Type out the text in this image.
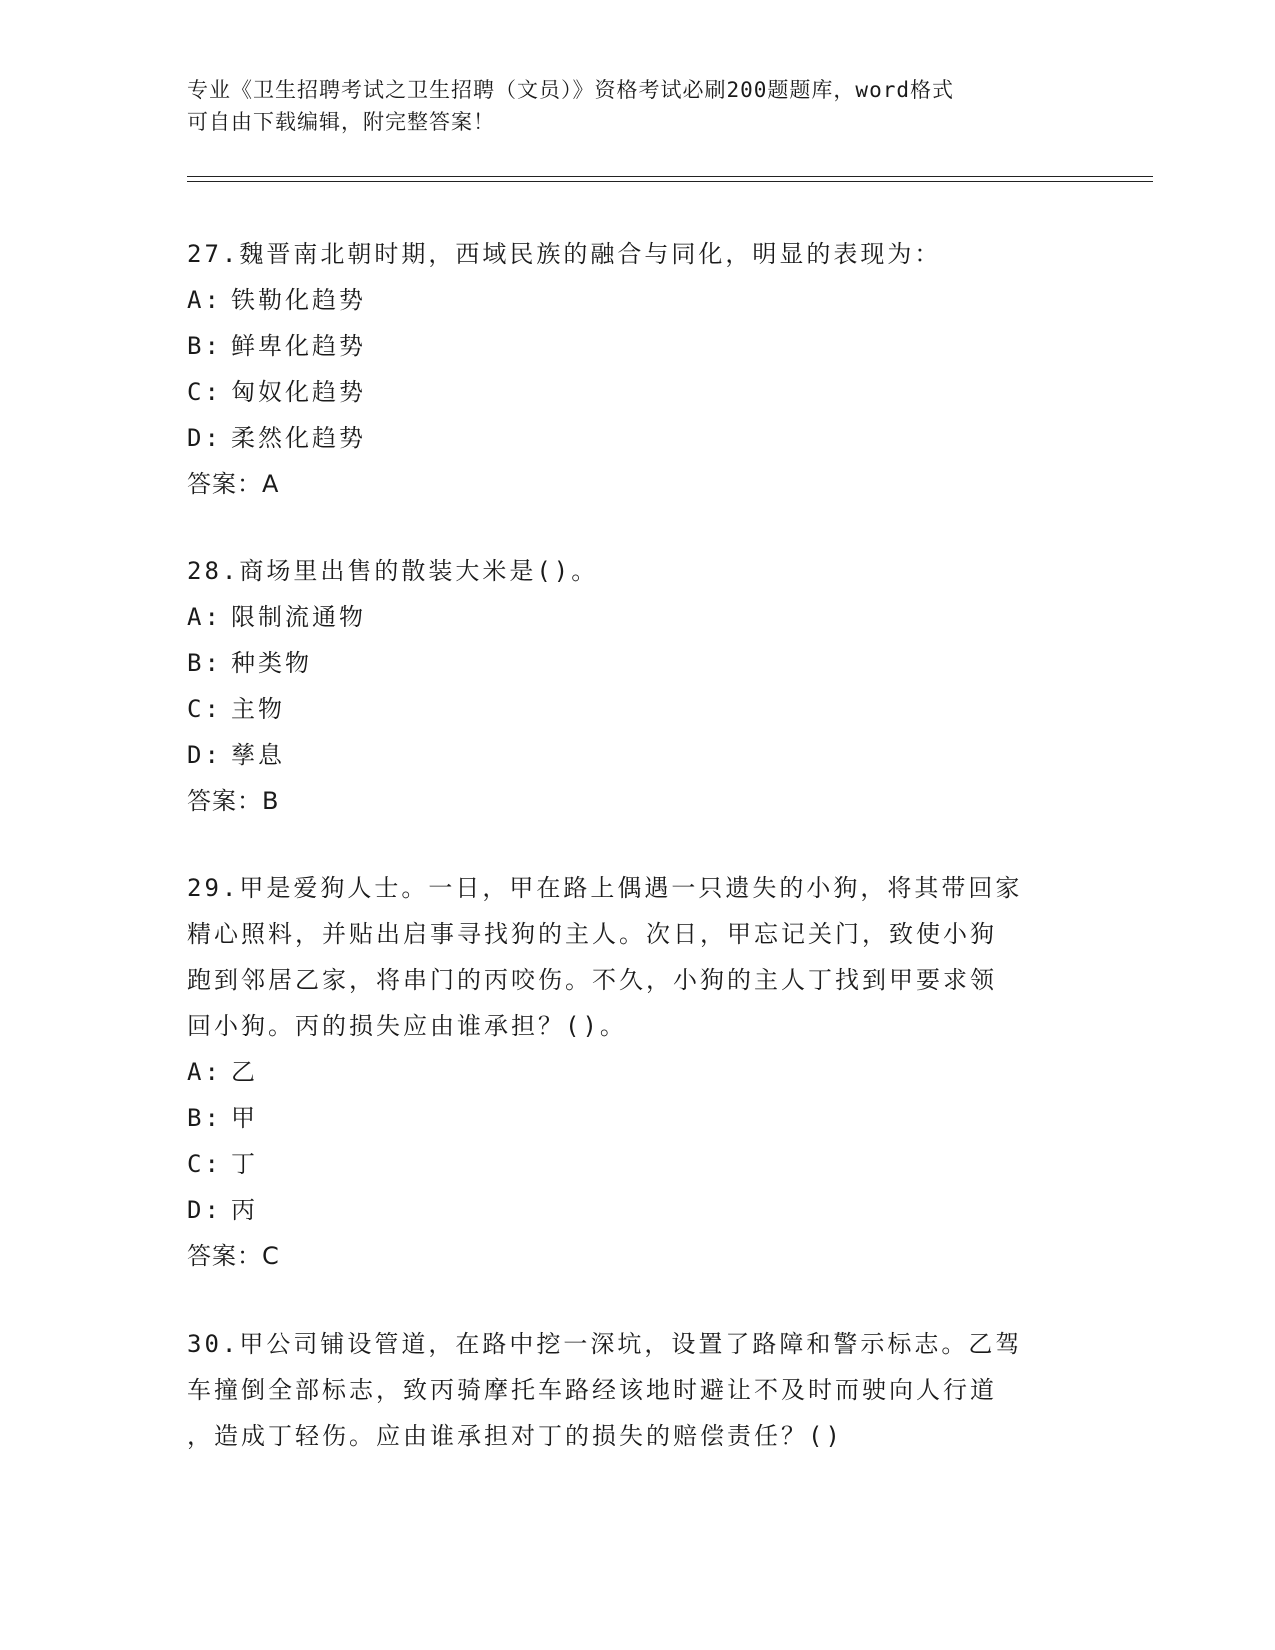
专业《卫生招聘考试之卫生招聘（文员）》资格考试必刷200题题库，word格式
可自由下载编辑，附完整答案！

27.魏晋南北朝时期，西域民族的融合与同化，明显的表现为：

A: 铁勒化趋势
B: 鲜卑化趋势
C: 匈奴化趋势
D: 柔然化趋势

答案：A

28.商场里出售的散装大米是()。

A: 限制流通物
B: 种类物
C: 主物
D: 孳息

答案：B

29.甲是爱狗人士。一日，甲在路上偶遇一只遗失的小狗，将其带回家
精心照料，并贴出启事寻找狗的主人。次日，甲忘记关门，致使小狗
跑到邻居乙家，将串门的丙咬伤。不久，小狗的主人丁找到甲要求领
回小狗。丙的损失应由谁承担？()。
A: 乙
B: 甲
C: 丁
D: 丙

答案：C

30.甲公司铺设管道，在路中挖一深坑，设置了路障和警示标志。乙驾
车撞倒全部标志，致丙骑摩托车路经该地时避让不及时而驶向人行道
，造成丁轻伤。应由谁承担对丁的损失的赔偿责任？()
